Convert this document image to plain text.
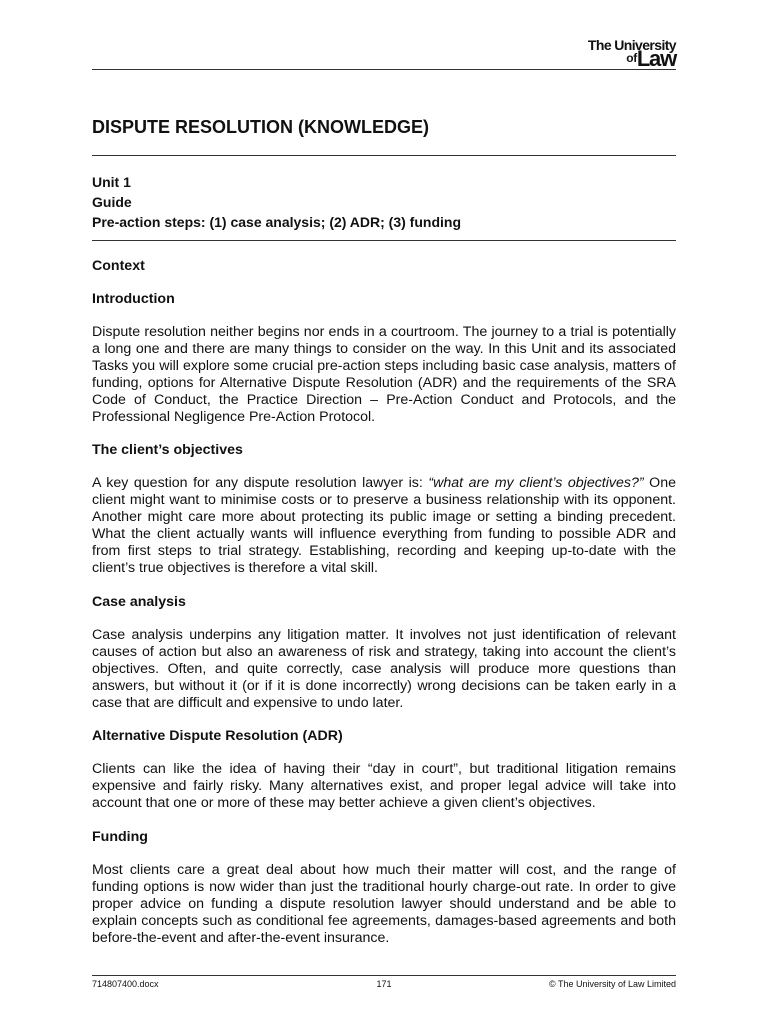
The University
$^{of}$Law
DISPUTE RESOLUTION (KNOWLEDGE)
Unit 1
Guide
Pre-action steps: (1) case analysis; (2) ADR; (3) funding
Context
Introduction

Dispute resolution neither begins nor ends in a courtroom. The journey to a trial is potentially a long one and there are many things to consider on the way. In this Unit and its associated Tasks you will explore some crucial pre-action steps including basic case analysis, matters of funding, options for Alternative Dispute Resolution (ADR) and the requirements of the SRA Code of Conduct, the Practice Direction – Pre-Action Conduct and Protocols, and the Professional Negligence Pre-Action Protocol.

The client’s objectives

A key question for any dispute resolution lawyer is: “what are my client’s objectives?” One client might want to minimise costs or to preserve a business relationship with its opponent. Another might care more about protecting its public image or setting a binding precedent. What the client actually wants will influence everything from funding to possible ADR and from first steps to trial strategy. Establishing, recording and keeping up-to-date with the client’s true objectives is therefore a vital skill.

Case analysis

Case analysis underpins any litigation matter. It involves not just identification of relevant causes of action but also an awareness of risk and strategy, taking into account the client’s objectives. Often, and quite correctly, case analysis will produce more questions than answers, but without it (or if it is done incorrectly) wrong decisions can be taken early in a case that are difficult and expensive to undo later.

Alternative Dispute Resolution (ADR)

Clients can like the idea of having their “day in court”, but traditional litigation remains expensive and fairly risky. Many alternatives exist, and proper legal advice will take into account that one or more of these may better achieve a given client’s objectives.

Funding

Most clients care a great deal about how much their matter will cost, and the range of funding options is now wider than just the traditional hourly charge-out rate. In order to give proper advice on funding a dispute resolution lawyer should understand and be able to explain concepts such as conditional fee agreements, damages-based agreements and both before-the-event and after-the-event insurance.

714807400.docx	171	© The University of Law Limited
